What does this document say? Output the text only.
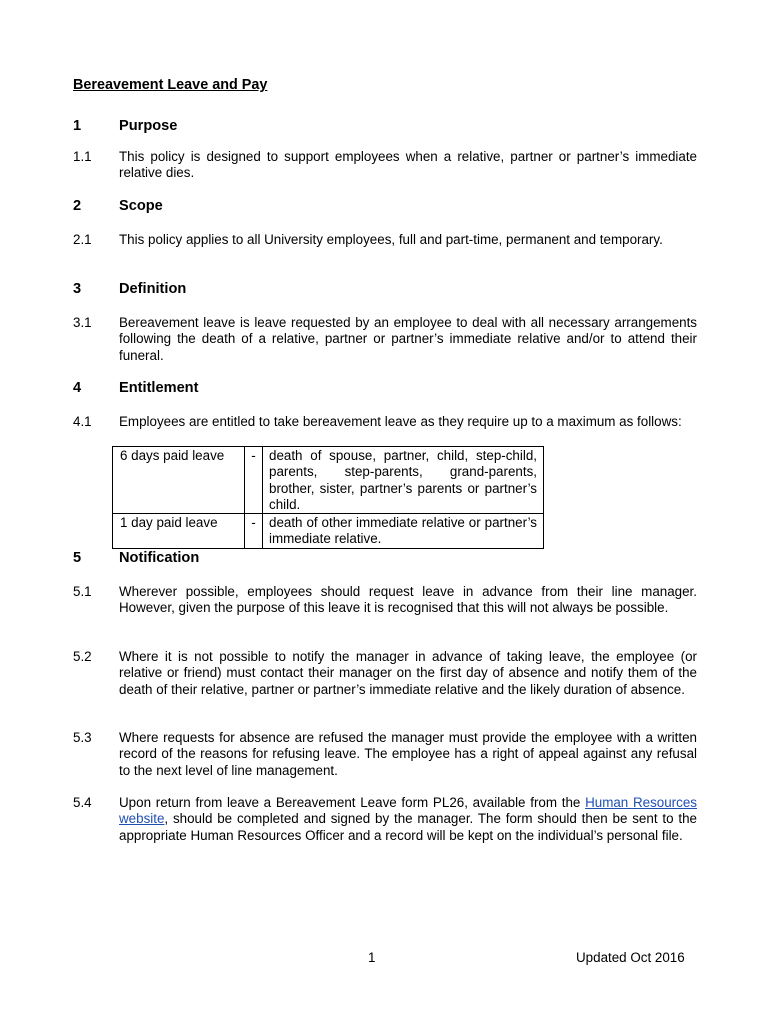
Bereavement Leave and Pay
1	Purpose
1.1 This policy is designed to support employees when a relative, partner or partner’s immediate relative dies.
2	Scope
2.1 This policy applies to all University employees, full and part-time, permanent and temporary.
3	Definition
3.1 Bereavement leave is leave requested by an employee to deal with all necessary arrangements following the death of a relative, partner or partner’s immediate relative and/or to attend their funeral.
4	Entitlement
4.1 Employees are entitled to take bereavement leave as they require up to a maximum as follows:
6 days paid leave	-	death of spouse, partner, child, step-child, parents, step-parents, grand-parents, brother, sister, partner’s parents or partner’s child.
1 day paid leave	-	death of other immediate relative or partner’s immediate relative.
5	Notification
5.1 Wherever possible, employees should request leave in advance from their line manager. However, given the purpose of this leave it is recognised that this will not always be possible.
5.2 Where it is not possible to notify the manager in advance of taking leave, the employee (or relative or friend) must contact their manager on the first day of absence and notify them of the death of their relative, partner or partner’s immediate relative and the likely duration of absence.
5.3 Where requests for absence are refused the manager must provide the employee with a written record of the reasons for refusing leave. The employee has a right of appeal against any refusal to the next level of line management.
5.4 Upon return from leave a Bereavement Leave form PL26, available from the Human Resources website, should be completed and signed by the manager. The form should then be sent to the appropriate Human Resources Officer and a record will be kept on the individual’s personal file.
1	Updated Oct 2016
